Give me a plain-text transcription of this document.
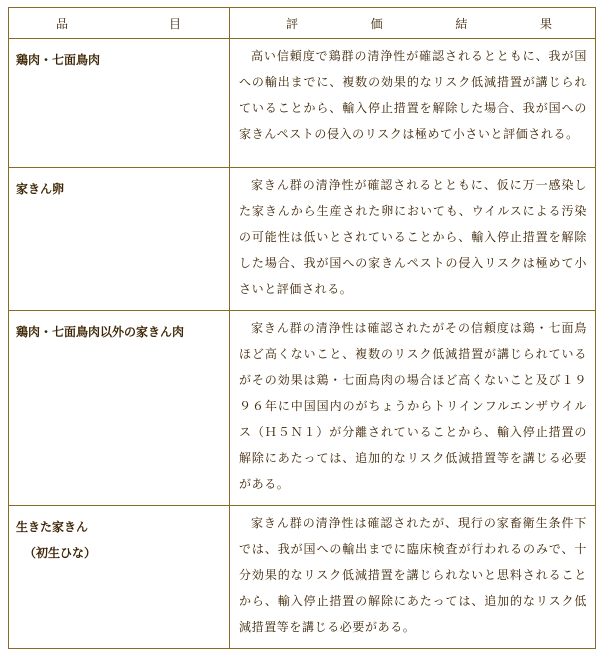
品 目	評 価 結 果

鶏肉・七面鳥肉	高い信頼度で鶏群の清浄性が確認されるとともに、我が国への輸出までに、複数の効果的なリスク低減措置が講じられていることから、輸入停止措置を解除した場合、我が国への家きんペストの侵入のリスクは極めて小さいと評価される。

家きん卵	家きん群の清浄性が確認されるとともに、仮に万一感染した家きんから生産された卵においても、ウイルスによる汚染の可能性は低いとされていることから、輸入停止措置を解除した場合、我が国への家きんペストの侵入リスクは極めて小さいと評価される。

鶏肉・七面鳥肉以外の家きん肉	家きん群の清浄性は確認されたがその信頼度は鶏・七面鳥ほど高くないこと、複数のリスク低減措置が講じられているがその効果は鶏・七面鳥肉の場合ほど高くないこと及び１９９６年に中国国内のがちょうからトリインフルエンザウイルス（Ｈ５Ｎ１）が分離されていることから、輸入停止措置の解除にあたっては、追加的なリスク低減措置等を講じる必要がある。

生きた家きん
（初生ひな）	家きん群の清浄性は確認されたが、現行の家畜衛生条件下では、我が国への輸出までに臨床検査が行われるのみで、十分効果的なリスク低減措置を講じられないと思料されることから、輸入停止措置の解除にあたっては、追加的なリスク低減措置等を講じる必要がある。
